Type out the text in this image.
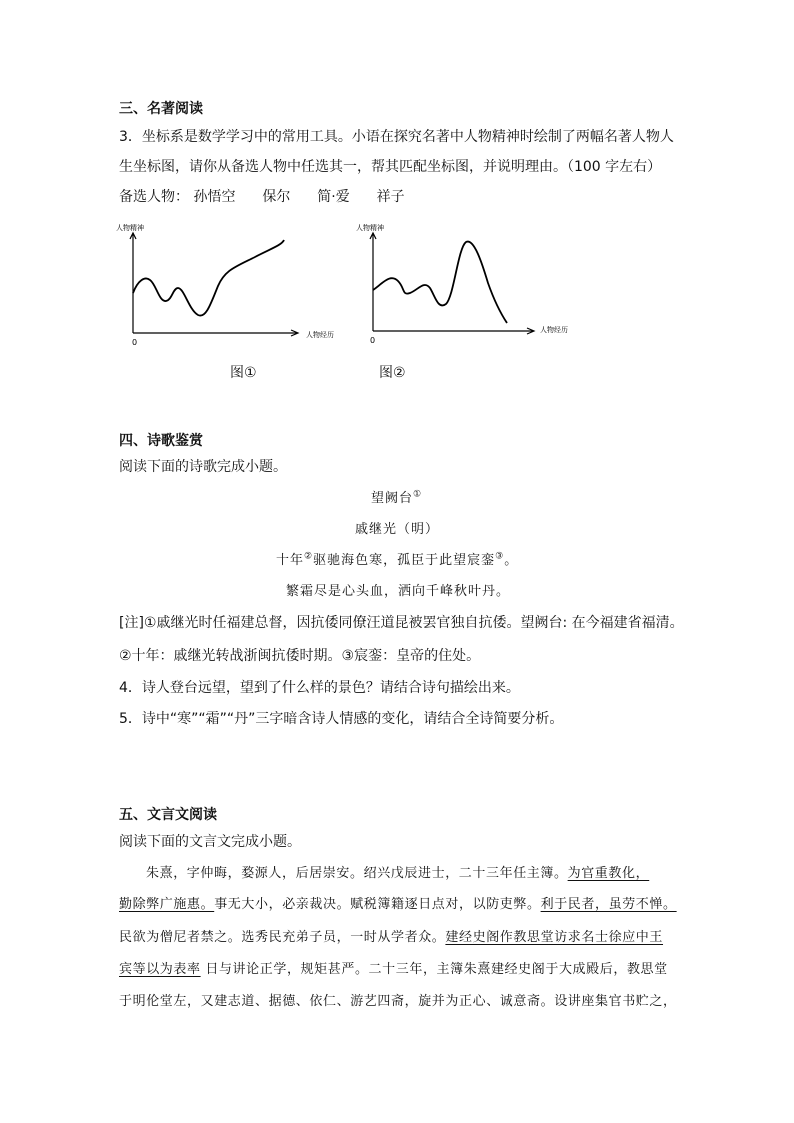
三、名著阅读
3．坐标系是数学学习中的常用工具。小语在探究名著中人物精神时绘制了两幅名著人物人
生坐标图，请你从备选人物中任选其一，帮其匹配坐标图，并说明理由。（100 字左右）
备选人物： 孙悟空 保尔 简·爱 祥子
人物精神
人物经历
0
图①
人物精神
人物经历
0
图②
四、诗歌鉴赏
阅读下面的诗歌完成小题。
望阙台①
戚继光（明）
十年②驱驰海色寒，孤臣于此望宸銮③。
繁霜尽是心头血，洒向千峰秋叶丹。
[注]①戚继光时任福建总督，因抗倭同僚汪道昆被罢官独自抗倭。望阙台: 在今福建省福清。
②十年：戚继光转战浙闽抗倭时期。③宸銮：皇帝的住处。
4．诗人登台远望，望到了什么样的景色？请结合诗句描绘出来。
5．诗中“寒”“霜”“丹”三字暗含诗人情感的变化，请结合全诗简要分析。
五、文言文阅读
阅读下面的文言文完成小题。
朱熹，字仲晦，婺源人，后居崇安。绍兴戊辰进士，二十三年任主簿。为官重教化，
勤除弊广施惠。事无大小，必亲裁决。赋税簿籍逐日点对，以防吏弊。利于民者，虽劳不惮。
民欲为僧尼者禁之。选秀民充弟子员，一时从学者众。建经史阁作教思堂访求名士徐应中王
宾等以为表率 日与讲论正学，规矩甚严。二十三年，主簿朱熹建经史阁于大成殿后，教思堂
于明伦堂左，又建志道、据德、依仁、游艺四斋，旋并为正心、诚意斋。设讲座集官书贮之，
